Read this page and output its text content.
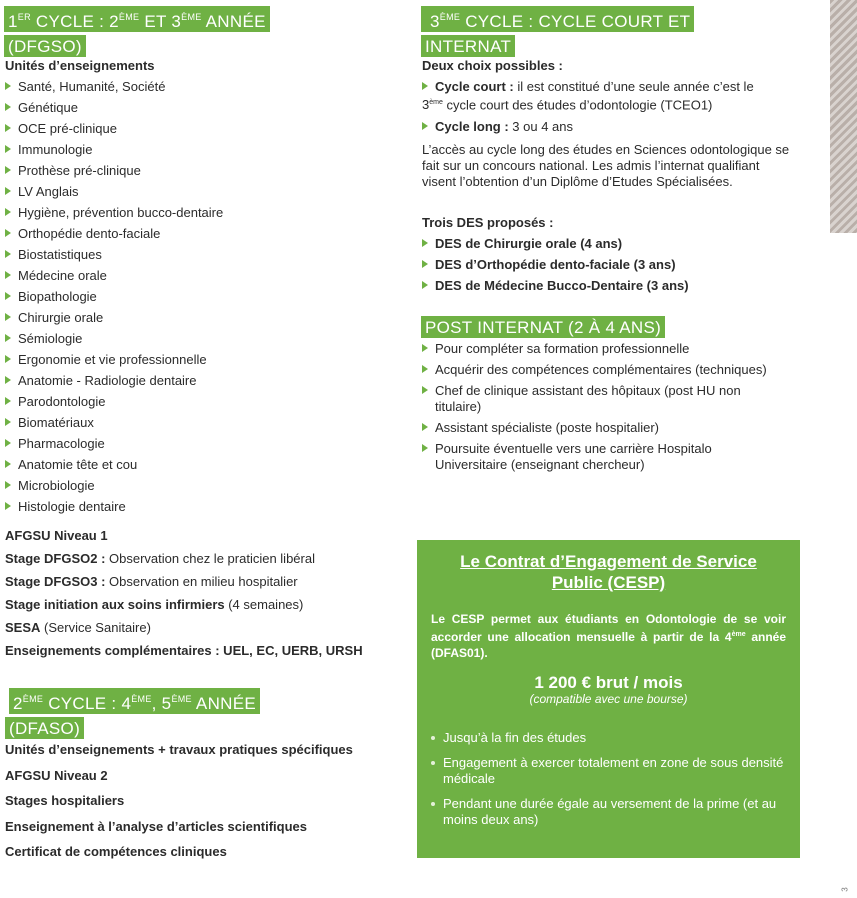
1ER CYCLE : 2ÈME ET 3ÈME ANNÉE
(DFGSO)
Unités d’enseignements
Santé, Humanité, Société
Génétique
OCE pré-clinique
Immunologie
Prothèse pré-clinique
LV Anglais
Hygiène, prévention bucco-dentaire
Orthopédie dento-faciale
Biostatistiques
Médecine orale
Biopathologie
Chirurgie orale
Sémiologie
Ergonomie et vie professionnelle
Anatomie - Radiologie dentaire
Parodontologie
Biomatériaux
Pharmacologie
Anatomie tête et cou
Microbiologie
Histologie dentaire
AFGSU Niveau 1
Stage DFGSO2 : Observation chez le praticien libéral
Stage DFGSO3 : Observation en milieu hospitalier
Stage initiation aux soins infirmiers (4 semaines)
SESA (Service Sanitaire)
Enseignements complémentaires : UEL, EC, UERB, URSH
2ÈME CYCLE : 4ÈME, 5ÈME ANNÉE
(DFASO)
Unités d’enseignements + travaux pratiques spécifiques
AFGSU Niveau 2
Stages hospitaliers
Enseignement à l’analyse d’articles scientifiques
Certificat de compétences cliniques
3ÈME CYCLE : CYCLE COURT ET
INTERNAT
Deux choix possibles :
Cycle court : il est constitué d’une seule année c’est le
3ème cycle court des études d’odontologie (TCEO1)
Cycle long : 3 ou 4 ans
L’accès au cycle long des études en Sciences odontologique se fait sur un concours national. Les admis l’internat qualifiant visent l’obtention d’un Diplôme d’Etudes Spécialisées.
Trois DES proposés :
DES de Chirurgie orale (4 ans)
DES d’Orthopédie dento-faciale (3 ans)
DES de Médecine Bucco-Dentaire (3 ans)
POST INTERNAT (2 À 4 ANS)
Pour compléter sa formation professionnelle
Acquérir des compétences complémentaires (techniques)
Chef de clinique assistant des hôpitaux (post HU non titulaire)
Assistant spécialiste (poste hospitalier)
Poursuite éventuelle vers une carrière Hospitalo Universitaire (enseignant chercheur)
Le Contrat d’Engagement de Service Public (CESP)
Le CESP permet aux étudiants en Odontologie de se voir accorder une allocation mensuelle à partir de la 4ème année (DFAS01).
1 200 € brut / mois
(compatible avec une bourse)
Jusqu’à la fin des études
Engagement à exercer totalement en zone de sous densité médicale
Pendant une durée égale au versement de la prime (et au moins deux ans)
3
